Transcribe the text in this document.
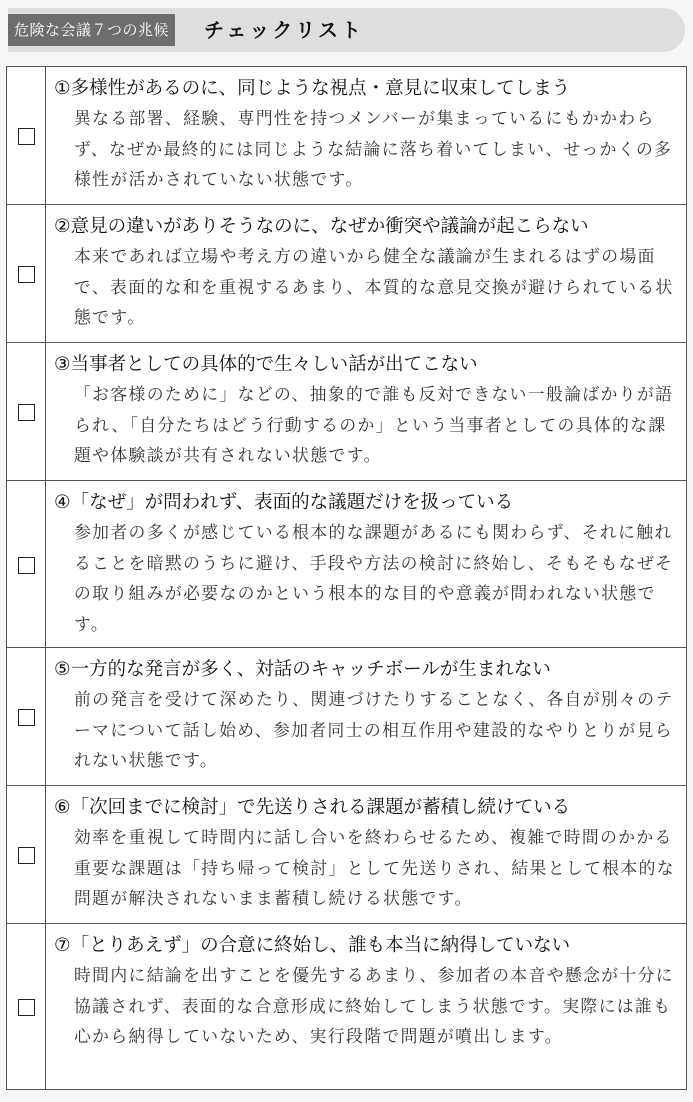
危険な会議７つの兆候	チェックリスト

	①多様性があるのに、同じような視点・意見に収束してしまう
異なる部署、経験、専門性を持つメンバーが集まっているにもかかわらず、なぜか最終的には同じような結論に落ち着いてしまい、せっかくの多様性が活かされていない状態です。

	②意見の違いがありそうなのに、なぜか衝突や議論が起こらない
本来であれば立場や考え方の違いから健全な議論が生まれるはずの場面で、表面的な和を重視するあまり、本質的な意見交換が避けられている状態です。

	③当事者としての具体的で生々しい話が出てこない
「お客様のために」などの、抽象的で誰も反対できない一般論ばかりが語られ、「自分たちはどう行動するのか」という当事者としての具体的な課題や体験談が共有されない状態です。

	④「なぜ」が問われず、表面的な議題だけを扱っている
参加者の多くが感じている根本的な課題があるにも関わらず、それに触れることを暗黙のうちに避け、手段や方法の検討に終始し、そもそもなぜその取り組みが必要なのかという根本的な目的や意義が問われない状態です。

	⑤一方的な発言が多く、対話のキャッチボールが生まれない
前の発言を受けて深めたり、関連づけたりすることなく、各自が別々のテーマについて話し始め、参加者同士の相互作用や建設的なやりとりが見られない状態です。

	⑥「次回までに検討」で先送りされる課題が蓄積し続けている
効率を重視して時間内に話し合いを終わらせるため、複雑で時間のかかる重要な課題は「持ち帰って検討」として先送りされ、結果として根本的な問題が解決されないまま蓄積し続ける状態です。

	⑦「とりあえず」の合意に終始し、誰も本当に納得していない
時間内に結論を出すことを優先するあまり、参加者の本音や懸念が十分に協議されず、表面的な合意形成に終始してしまう状態です。実際には誰も心から納得していないため、実行段階で問題が噴出します。
